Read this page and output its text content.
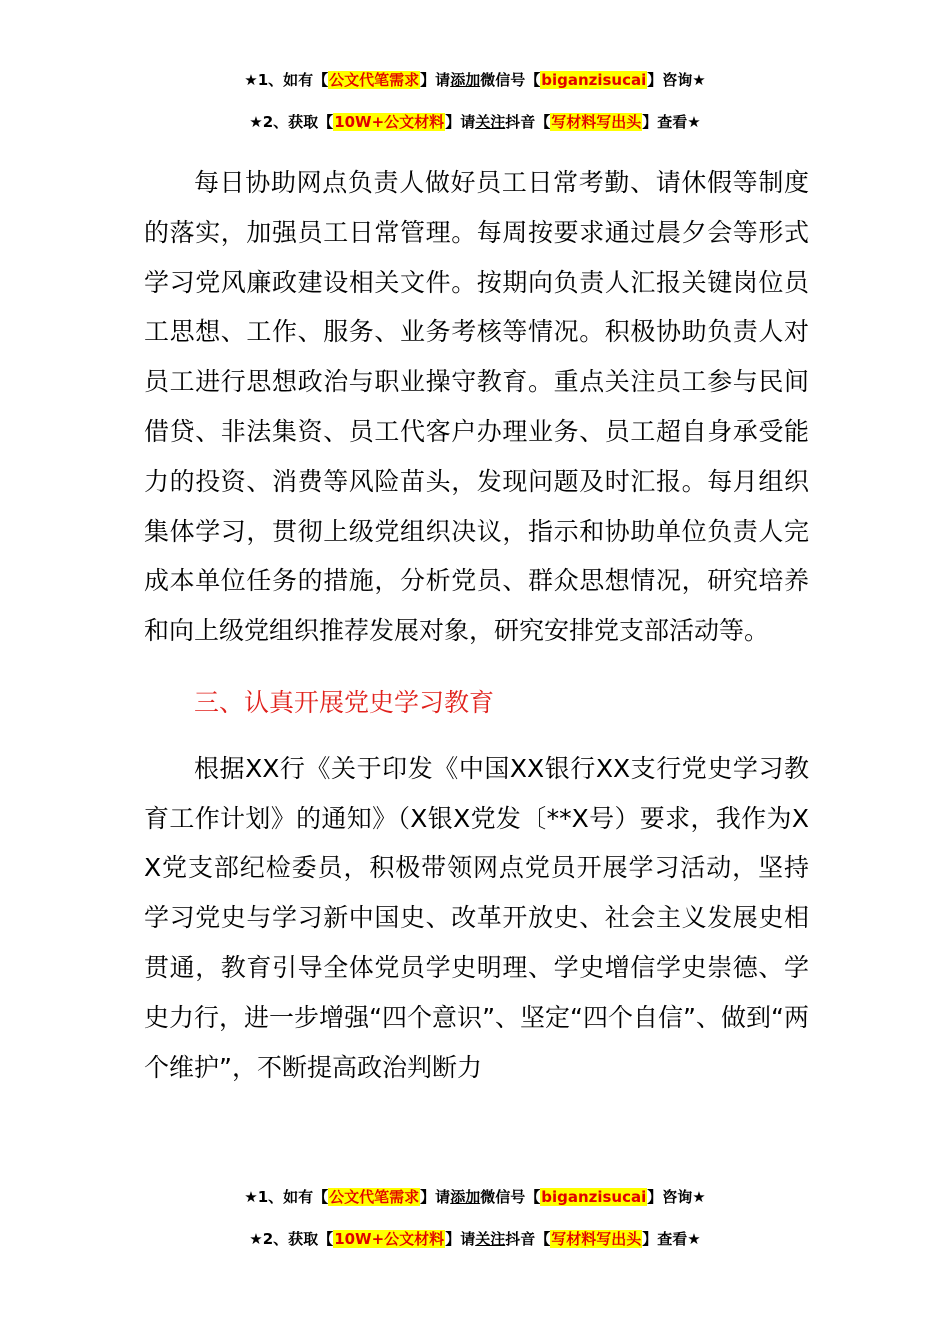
★1、如有【公文代笔需求】请添加微信号【biganzisucai】咨询★
★2、获取【10W+公文材料】请关注抖音【写材料写出头】查看★

每日协助网点负责人做好员工日常考勤、请休假等制度的落实，加强员工日常管理。每周按要求通过晨夕会等形式学习党风廉政建设相关文件。按期向负责人汇报关键岗位员工思想、工作、服务、业务考核等情况。积极协助负责人对员工进行思想政治与职业操守教育。重点关注员工参与民间借贷、非法集资、员工代客户办理业务、员工超自身承受能力的投资、消费等风险苗头，发现问题及时汇报。每月组织集体学习，贯彻上级党组织决议，指示和协助单位负责人完成本单位任务的措施，分析党员、群众思想情况，研究培养和向上级党组织推荐发展对象，研究安排党支部活动等。

三、认真开展党史学习教育

根据XX行《关于印发《中国XX银行XX支行党史学习教育工作计划》的通知》（X银X党发〔**X号）要求，我作为XX党支部纪检委员，积极带领网点党员开展学习活动，坚持学习党史与学习新中国史、改革开放史、社会主义发展史相贯通，教育引导全体党员学史明理、学史增信学史崇德、学史力行，进一步增强“四个意识”、坚定“四个自信”、做到“两个维护”，不断提高政治判断力

★1、如有【公文代笔需求】请添加微信号【biganzisucai】咨询★
★2、获取【10W+公文材料】请关注抖音【写材料写出头】查看★
